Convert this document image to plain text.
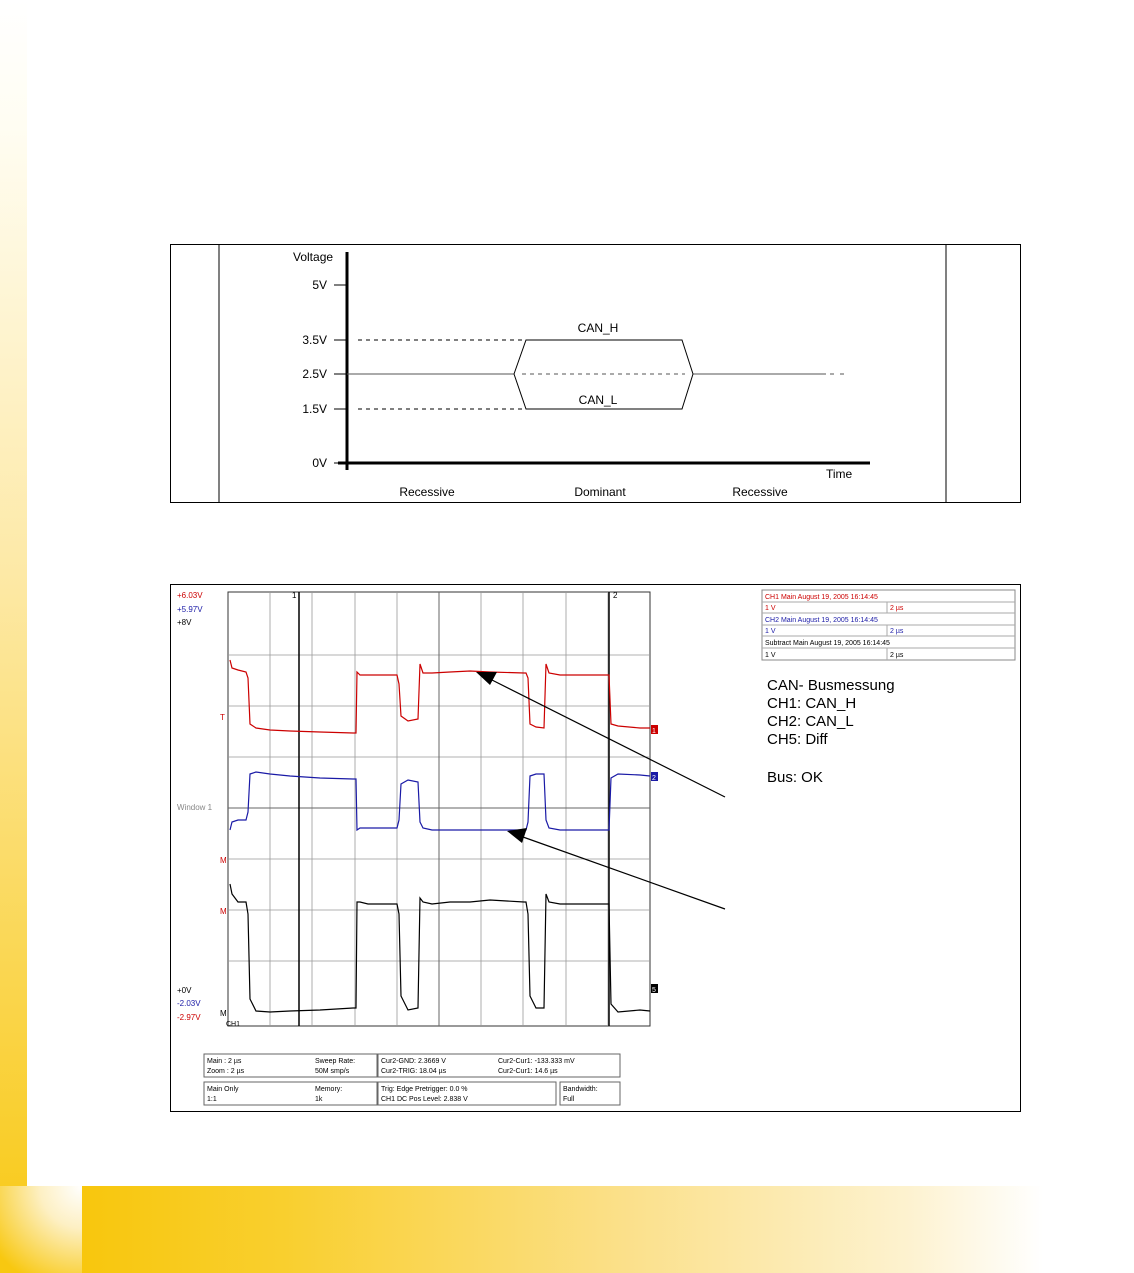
Voltage
Time
5V
3.5V
2.5V
1.5V
0V
CAN_H
CAN_L
Recessive	Dominant	Recessive
1	2
+6.03V
+5.97V
+8V
Window 1
T
M
M
M
CH1
+0V
-2.03V
-2.97V
1
2
5
CH1 Main August 19, 2005 16:14:45
1 V	2 µs
CH2 Main August 19, 2005 16:14:45
1 V	2 µs
Subtract Main August 19, 2005 16:14:45
1 V	2 µs
CAN- Busmessung
CH1: CAN_H
CH2: CAN_L
CH5: Diff
Bus: OK
Main : 2 µs
Zoom : 2 µs
Sweep Rate:
50M smp/s
Cur2-GND: 2.3669 V
Cur2-TRIG: 18.04 µs
Cur2-Cur1: -133.333 mV
Cur2-Cur1: 14.6 µs
Main Only
1:1
Memory:
1k
Trig: Edge Pretrigger: 0.0 %
CH1 DC Pos Level: 2.838 V
Bandwidth:
Full
